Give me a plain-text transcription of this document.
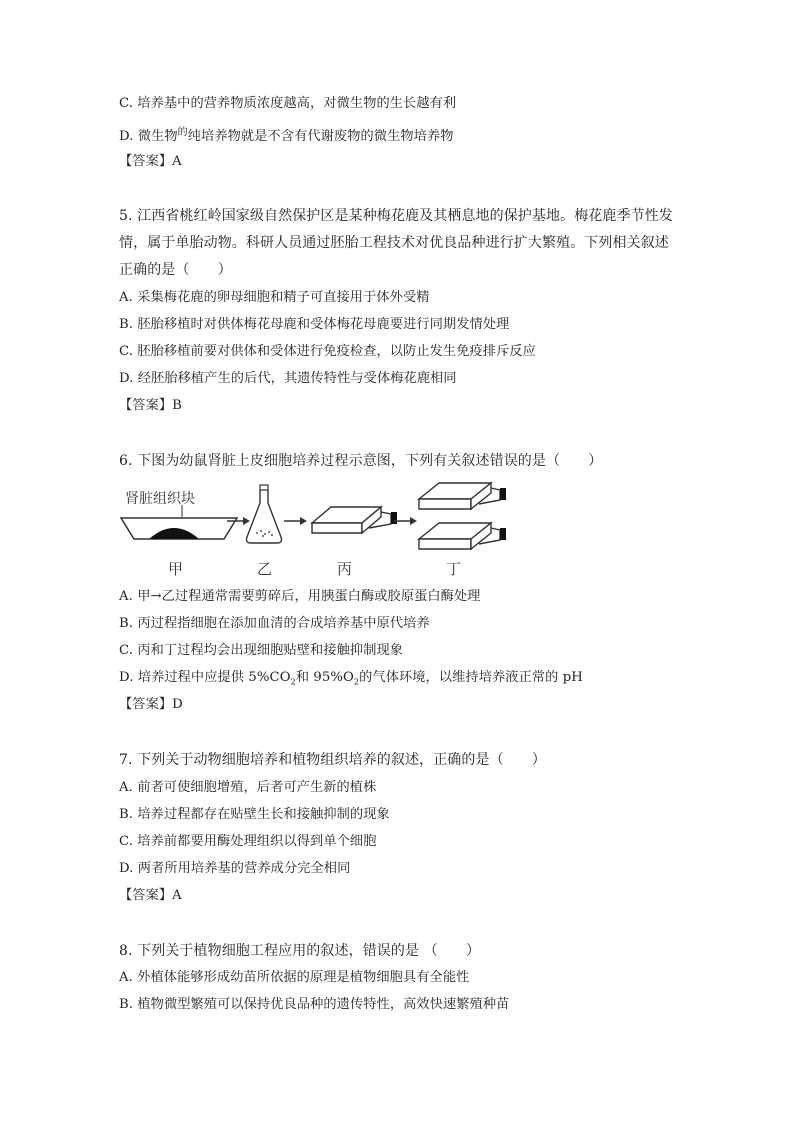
C. 培养基中的营养物质浓度越高，对微生物的生长越有利
D. 微生物$^的$纯培养物就是不含有代谢废物的微生物培养物
【答案】A
5. 江西省桃红岭国家级自然保护区是某种梅花鹿及其栖息地的保护基地。梅花鹿季节性发
情，属于单胎动物。科研人员通过胚胎工程技术对优良品种进行扩大繁殖。下列相关叙述
正确的是（　　）
A. 采集梅花鹿的卵母细胞和精子可直接用于体外受精
B. 胚胎移植时对供体梅花母鹿和受体梅花母鹿要进行同期发情处理
C. 胚胎移植前要对供体和受体进行免疫检查，以防止发生免疫排斥反应
D. 经胚胎移植产生的后代，其遗传特性与受体梅花鹿相同
【答案】B
6. 下图为幼鼠肾脏上皮细胞培养过程示意图，下列有关叙述错误的是（　　）
肾脏组织块
甲	乙	丙	丁
A. 甲→乙过程通常需要剪碎后，用胰蛋白酶或胶原蛋白酶处理
B. 丙过程指细胞在添加血清的合成培养基中原代培养
C. 丙和丁过程均会出现细胞贴壁和接触抑制现象
D. 培养过程中应提供 $5\%CO_2$和 $95\%O_2$的气体环境，以维持培养液正常的 pH
【答案】D
7. 下列关于动物细胞培养和植物组织培养的叙述，正确的是（　　）
A. 前者可使细胞增殖，后者可产生新的植株
B. 培养过程都存在贴壁生长和接触抑制的现象
C. 培养前都要用酶处理组织以得到单个细胞
D. 两者所用培养基的营养成分完全相同
【答案】A
8. 下列关于植物细胞工程应用的叙述，错误的是 （　　）
A. 外植体能够形成幼苗所依据的原理是植物细胞具有全能性
B. 植物微型繁殖可以保持优良品种的遗传特性，高效快速繁殖种苗
